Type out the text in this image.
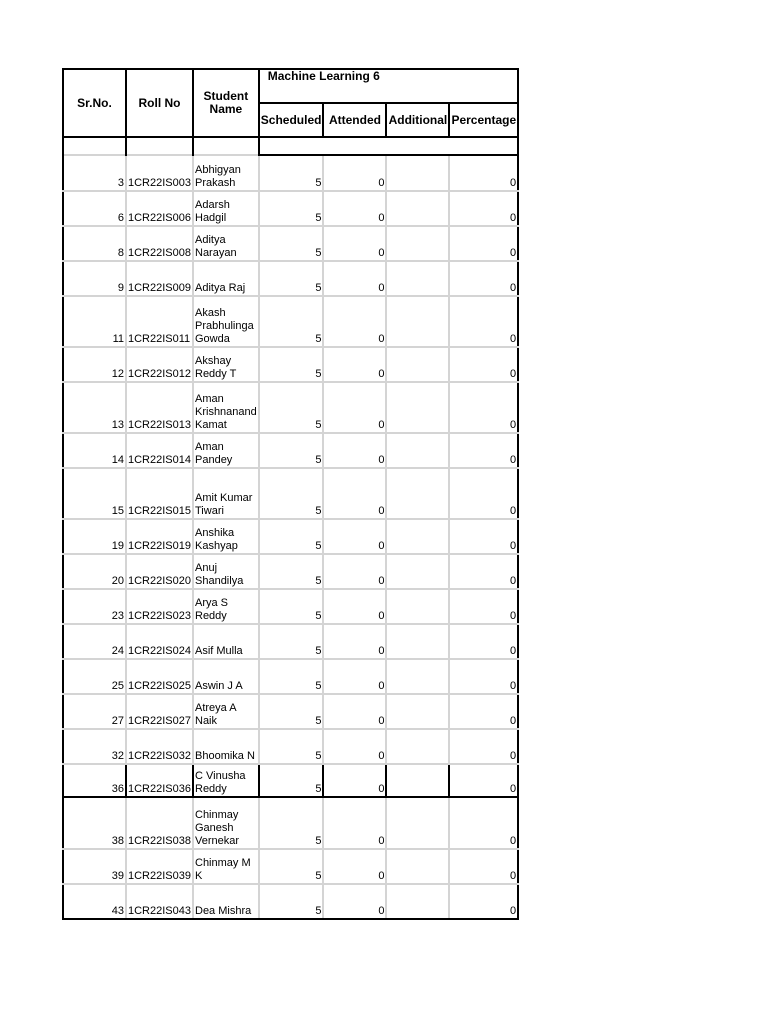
Sr.No.	Roll No	Student Name	Machine Learning 6			
			Scheduled	Attended	Additional	Percentage

3	1CR22IS003	Abhigyan Prakash	5	0		0
6	1CR22IS006	Adarsh Hadgil	5	0		0
8	1CR22IS008	Aditya Narayan	5	0		0
9	1CR22IS009	Aditya Raj	5	0		0
11	1CR22IS011	Akash Prabhulinga Gowda	5	0		0
12	1CR22IS012	Akshay Reddy T	5	0		0
13	1CR22IS013	Aman Krishnanand Kamat	5	0		0
14	1CR22IS014	Aman Pandey	5	0		0
15	1CR22IS015	Amit Kumar Tiwari	5	0		0
19	1CR22IS019	Anshika Kashyap	5	0		0
20	1CR22IS020	Anuj Shandilya	5	0		0
23	1CR22IS023	Arya S Reddy	5	0		0
24	1CR22IS024	Asif Mulla	5	0		0
25	1CR22IS025	Aswin J A	5	0		0
27	1CR22IS027	Atreya A Naik	5	0		0
32	1CR22IS032	Bhoomika N	5	0		0
36	1CR22IS036	C Vinusha Reddy	5	0		0
38	1CR22IS038	Chinmay Ganesh Vernekar	5	0		0
39	1CR22IS039	Chinmay M K	5	0		0
43	1CR22IS043	Dea Mishra	5	0		0
